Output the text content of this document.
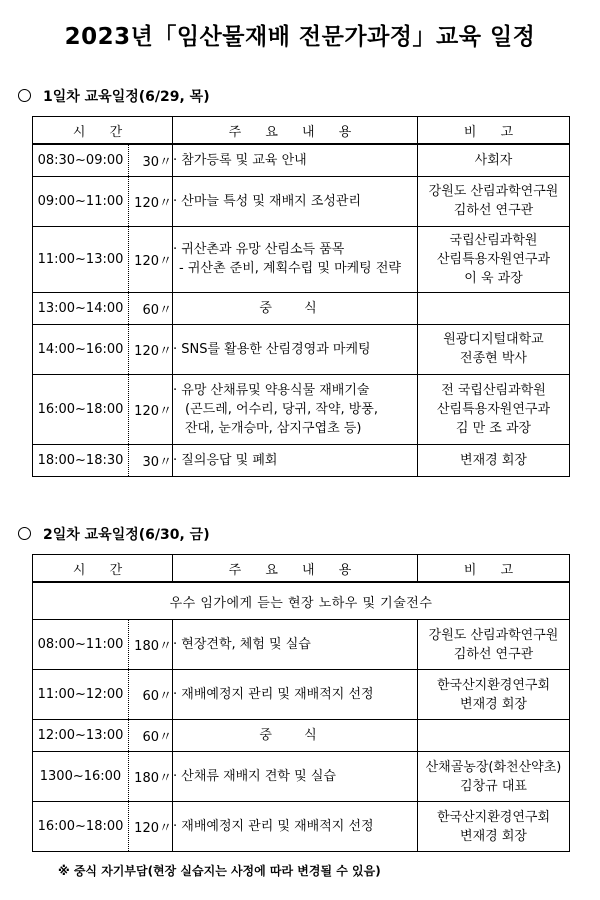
2023년「임산물재배 전문가과정」교육 일정
1일차 교육일정(6/29, 목)
시 간		주 요 내 용	비 고
08:30~09:00	30〃	· 참가등록 및 교육 안내	사회자

09:00~11:00	120〃	· 산마늘 특성 및 재배지 조성관리	강원도 산림과학연구원
김하선 연구관

11:00~13:00	120〃	· 귀산촌과 유망 산림소득 품목
- 귀산촌 준비, 계획수립 및 마케팅 전략	국립산림과학원
산림특용자원연구과
이 욱 과장

13:00~14:00	60〃	중 식	

14:00~16:00	120〃	· SNS를 활용한 산림경영과 마케팅	원광디지털대학교
전종현 박사

16:00~18:00	120〃	· 유망 산채류및 약용식물 재배기술
(곤드레, 어수리, 당귀, 작약, 방풍,
잔대, 눈개승마, 삼지구엽초 등)	전 국립산림과학원
산림특용자원연구과
김 만 조 과장

18:00~18:30	30〃	· 질의응답 및 폐회	변재경 회장
2일차 교육일정(6/30, 금)
시 간		주 요 내 용	비 고
우수 임가에게 듣는 현장 노하우 및 기술전수			
08:00~11:00	180〃	· 현장견학, 체험 및 실습	강원도 산림과학연구원
김하선 연구관

11:00~12:00	60〃	· 재배예정지 관리 및 재배적지 선정	한국산지환경연구회
변재경 회장

12:00~13:00	60〃	중 식	

1300~16:00	180〃	· 산채류 재배지 견학 및 실습	산채골농장(화천산약초)
김창규 대표

16:00~18:00	120〃	· 재배예정지 관리 및 재배적지 선정	한국산지환경연구회
변재경 회장
※ 중식 자기부담(현장 실습지는 사정에 따라 변경될 수 있음)
